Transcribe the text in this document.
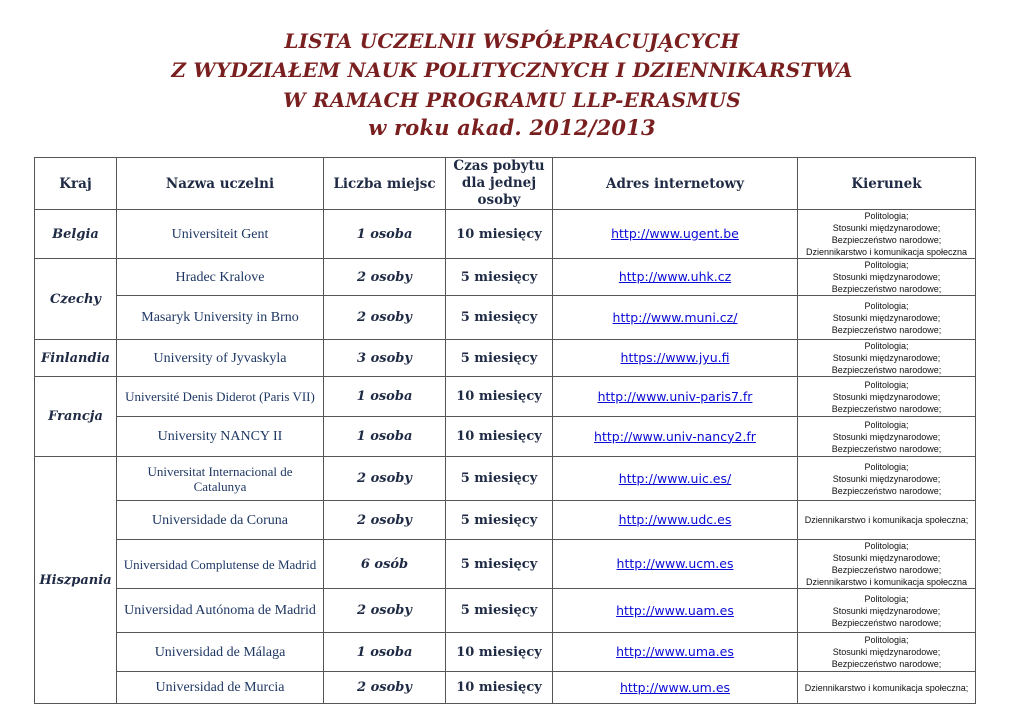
LISTA UCZELNII WSPÓŁPRACUJĄCYCH
Z WYDZIAŁEM NAUK POLITYCZNYCH I DZIENNIKARSTWA
W RAMACH PROGRAMU LLP-ERASMUS
w roku akad. 2012/2013
Kraj	Nazwa uczelni	Liczba miejsc	Czas pobytu dla jednej osoby	Adres internetowy	Kierunek
Belgia	Universiteit Gent	1 osoba	10 miesięcy	http://www.ugent.be	Politologia;
Stosunki międzynarodowe;
Bezpieczeństwo narodowe;
Dziennikarstwo i komunikacja społeczna

Czechy	Hradec Kralove	2 osoby	5 miesięcy	http://www.uhk.cz	Politologia;
Stosunki międzynarodowe;
Bezpieczeństwo narodowe;

	Masaryk University in Brno	2 osoby	5 miesięcy	http://www.muni.cz/	Politologia;
Stosunki międzynarodowe;
Bezpieczeństwo narodowe;

Finlandia	University of Jyvaskyla	3 osoby	5 miesięcy	https://www.jyu.fi	Politologia;
Stosunki międzynarodowe;
Bezpieczeństwo narodowe;

Francja	Université Denis Diderot (Paris VII)	1 osoba	10 miesięcy	http://www.univ-paris7.fr	Politologia;
Stosunki międzynarodowe;
Bezpieczeństwo narodowe;

	University NANCY II	1 osoba	10 miesięcy	http://www.univ-nancy2.fr	Politologia;
Stosunki międzynarodowe;
Bezpieczeństwo narodowe;

Hiszpania	Universitat Internacional de Catalunya	2 osoby	5 miesięcy	http://www.uic.es/	Politologia;
Stosunki międzynarodowe;
Bezpieczeństwo narodowe;

	Universidade da Coruna	2 osoby	5 miesięcy	http://www.udc.es	Dziennikarstwo i komunikacja społeczna;

	Universidad Complutense de Madrid	6 osób	5 miesięcy	http://www.ucm.es	Politologia;
Stosunki międzynarodowe;
Bezpieczeństwo narodowe;
Dziennikarstwo i komunikacja społeczna

	Universidad Autónoma de Madrid	2 osoby	5 miesięcy	http://www.uam.es	Politologia;
Stosunki międzynarodowe;
Bezpieczeństwo narodowe;

	Universidad de Málaga	1 osoba	10 miesięcy	http://www.uma.es	Politologia;
Stosunki międzynarodowe;
Bezpieczeństwo narodowe;

	Universidad de Murcia	2 osoby	10 miesięcy	http://www.um.es	Dziennikarstwo i komunikacja społeczna;
